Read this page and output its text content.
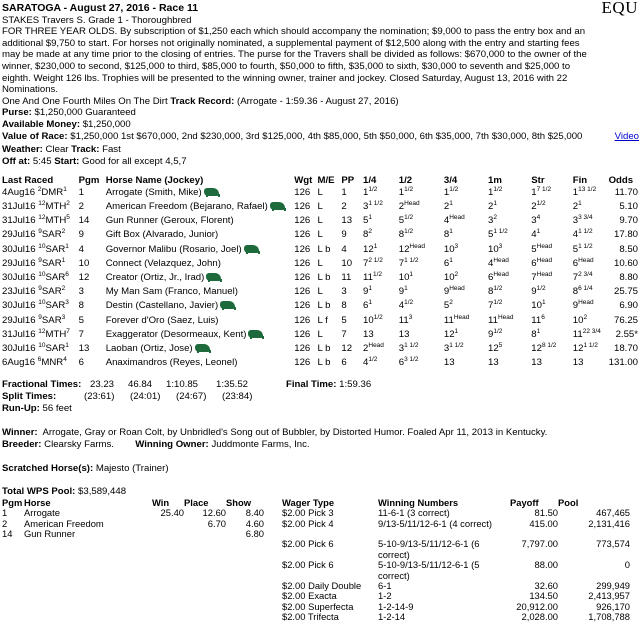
EQU
SARATOGA - August 27, 2016 - Race 11
STAKES Travers S. Grade 1 - Thoroughbred
FOR THREE YEAR OLDS. By subscription of $1,250 each which should accompany the nomination; $9,000 to pass the entry box and an additional $9,750 to start. For horses not originally nominated, a supplemental payment of $12,500 along with the entry and starting fees may be made at any time prior to the closing of entries. The purse for the Travers shall be divided as follows: $670,000 to the owner of the winner, $230,000 to second, $125,000 to third, $85,000 to fourth, $50,000 to fifth, $35,000 to sixth, $30,000 to seventh and $25,000 to eighth. Weight 126 lbs. Trophies will be presented to the winning owner, trainer and jockey. Closed Saturday, August 13, 2016 with 22 Nominations.
One And One Fourth Miles On The Dirt Track Record: (Arrogate - 1:59.36 - August 27, 2016)
Purse: $1,250,000 Guaranteed
Available Money: $1,250,000
Value of Race: $1,250,000 1st $670,000, 2nd $230,000, 3rd $125,000, 4th $85,000, 5th $50,000, 6th $35,000, 7th $30,000, 8th $25,000	Video
Weather: Clear Track: Fast
Off at: 5:45 Start: Good for all except 4,5,7
Last Raced	Pgm	Horse Name (Jockey)	Wgt	M/E	PP	1/4	1/2	3/4	1m	Str	Fin	Odds
4Aug16 $^2$DMR$^1$	1	Arrogate (Smith, Mike)	126	L	1	$1^{1/2}$	$1^{1/2}$	$1^{1/2}$	$1^{1/2}$	$1^{7 1/2}$	$1^{13 1/2}$	11.70
31Jul16 $^{12}$MTH$^2$	2	American Freedom (Bejarano, Rafael)	126	L	2	$3^{1 1/2}$	$2^{Head}$	$2^1$	$2^1$	$2^{1/2}$	$2^1$	5.10
31Jul16 $^{12}$MTH$^5$	14	Gun Runner (Geroux, Florent)	126	L	13	$5^1$	$5^{1/2}$	$4^{Head}$	$3^2$	$3^4$	$3^{3 3/4}$	9.70
29Jul16 $^9$SAR$^2$	9	Gift Box (Alvarado, Junior)	126	L	9	$8^2$	$8^{1/2}$	$8^1$	$5^{1 1/2}$	$4^1$	$4^{1 1/2}$	17.80
30Jul16 $^{10}$SAR$^1$	4	Governor Malibu (Rosario, Joel)	126	L b	4	$12^1$	$12^{Head}$	$10^3$	$10^3$	$5^{Head}$	$5^{1 1/2}$	8.50
29Jul16 $^9$SAR$^1$	10	Connect (Velazquez, John)	126	L	10	$7^{2 1/2}$	$7^{1 1/2}$	$6^1$	$4^{Head}$	$6^{Head}$	$6^{Head}$	10.60
30Jul16 $^{10}$SAR$^6$	12	Creator (Ortiz, Jr., Irad)	126	L b	11	$11^{1/2}$	$10^1$	$10^2$	$6^{Head}$	$7^{Head}$	$7^{2 3/4}$	8.80
23Jul16 $^9$SAR$^2$	3	My Man Sam (Franco, Manuel)	126	L	3	$9^1$	$9^1$	$9^{Head}$	$8^{1/2}$	$9^{1/2}$	$8^{6 1/4}$	25.75
30Jul16 $^{10}$SAR$^3$	8	Destin (Castellano, Javier)	126	L b	8	$6^1$	$4^{1/2}$	$5^2$	$7^{1/2}$	$10^1$	$9^{Head}$	6.90
29Jul16 $^9$SAR$^3$	5	Forever d'Oro (Saez, Luis)	126	L f	5	$10^{1/2}$	$11^3$	$11^{Head}$	$11^{Head}$	$11^6$	$10^2$	76.25
31Jul16 $^{12}$MTH$^7$	7	Exaggerator (Desormeaux, Kent)	126	L	7	13	13	$12^1$	$9^{1/2}$	$8^1$	$11^{22 3/4}$	2.55*
30Jul16 $^{10}$SAR$^1$	13	Laoban (Ortiz, Jose)	126	L b	12	$2^{Head}$	$3^{1 1/2}$	$3^{1 1/2}$	$12^5$	$12^{8 1/2}$	$12^{1 1/2}$	18.70
6Aug16 $^6$MNR$^4$	6	Anaximandros (Reyes, Leonel)	126	L b	6	$4^{1/2}$	$6^{3 1/2}$	13	13	13	13	131.00
Fractional Times: 23.23 46.84 1:10.85 1:35.52	Final Time: 1:59.36
Split Times:	(23:61) (24:01) (24:67) (23:84)
Run-Up: 56 feet
Winner: Arrogate, Gray or Roan Colt, by Unbridled's Song out of Bubbler, by Distorted Humor. Foaled Apr 11, 2013 in Kentucky.
Breeder: Clearsky Farms. Winning Owner: Juddmonte Farms, Inc.
Scratched Horse(s): Majesto (Trainer)
Total WPS Pool: $3,589,448
Pgm	Horse	Win	Place	Show		Wager Type	Winning Numbers	Payoff	Pool
1	Arrogate	25.40	12.60	8.40		$2.00 Pick 3	11-6-1 (3 correct)	81.50	467,465
2	American Freedom		6.70	4.60		$2.00 Pick 4	9/13-5/11/12-6-1 (4 correct)	415.00	2,131,416
14	Gun Runner			6.80					
						$2.00 Pick 6	5-10-9/13-5/11/12-6-1 (6 correct)	7,797.00	773,574
						$2.00 Pick 6	5-10-9/13-5/11/12-6-1 (5 correct)	88.00	0
						$2.00 Daily Double	6-1	32.60	299,949
						$2.00 Exacta	1-2	134.50	2,413,957
						$2.00 Superfecta	1-2-14-9	20,912.00	926,170
						$2.00 Trifecta	1-2-14	2,028.00	1,708,788
